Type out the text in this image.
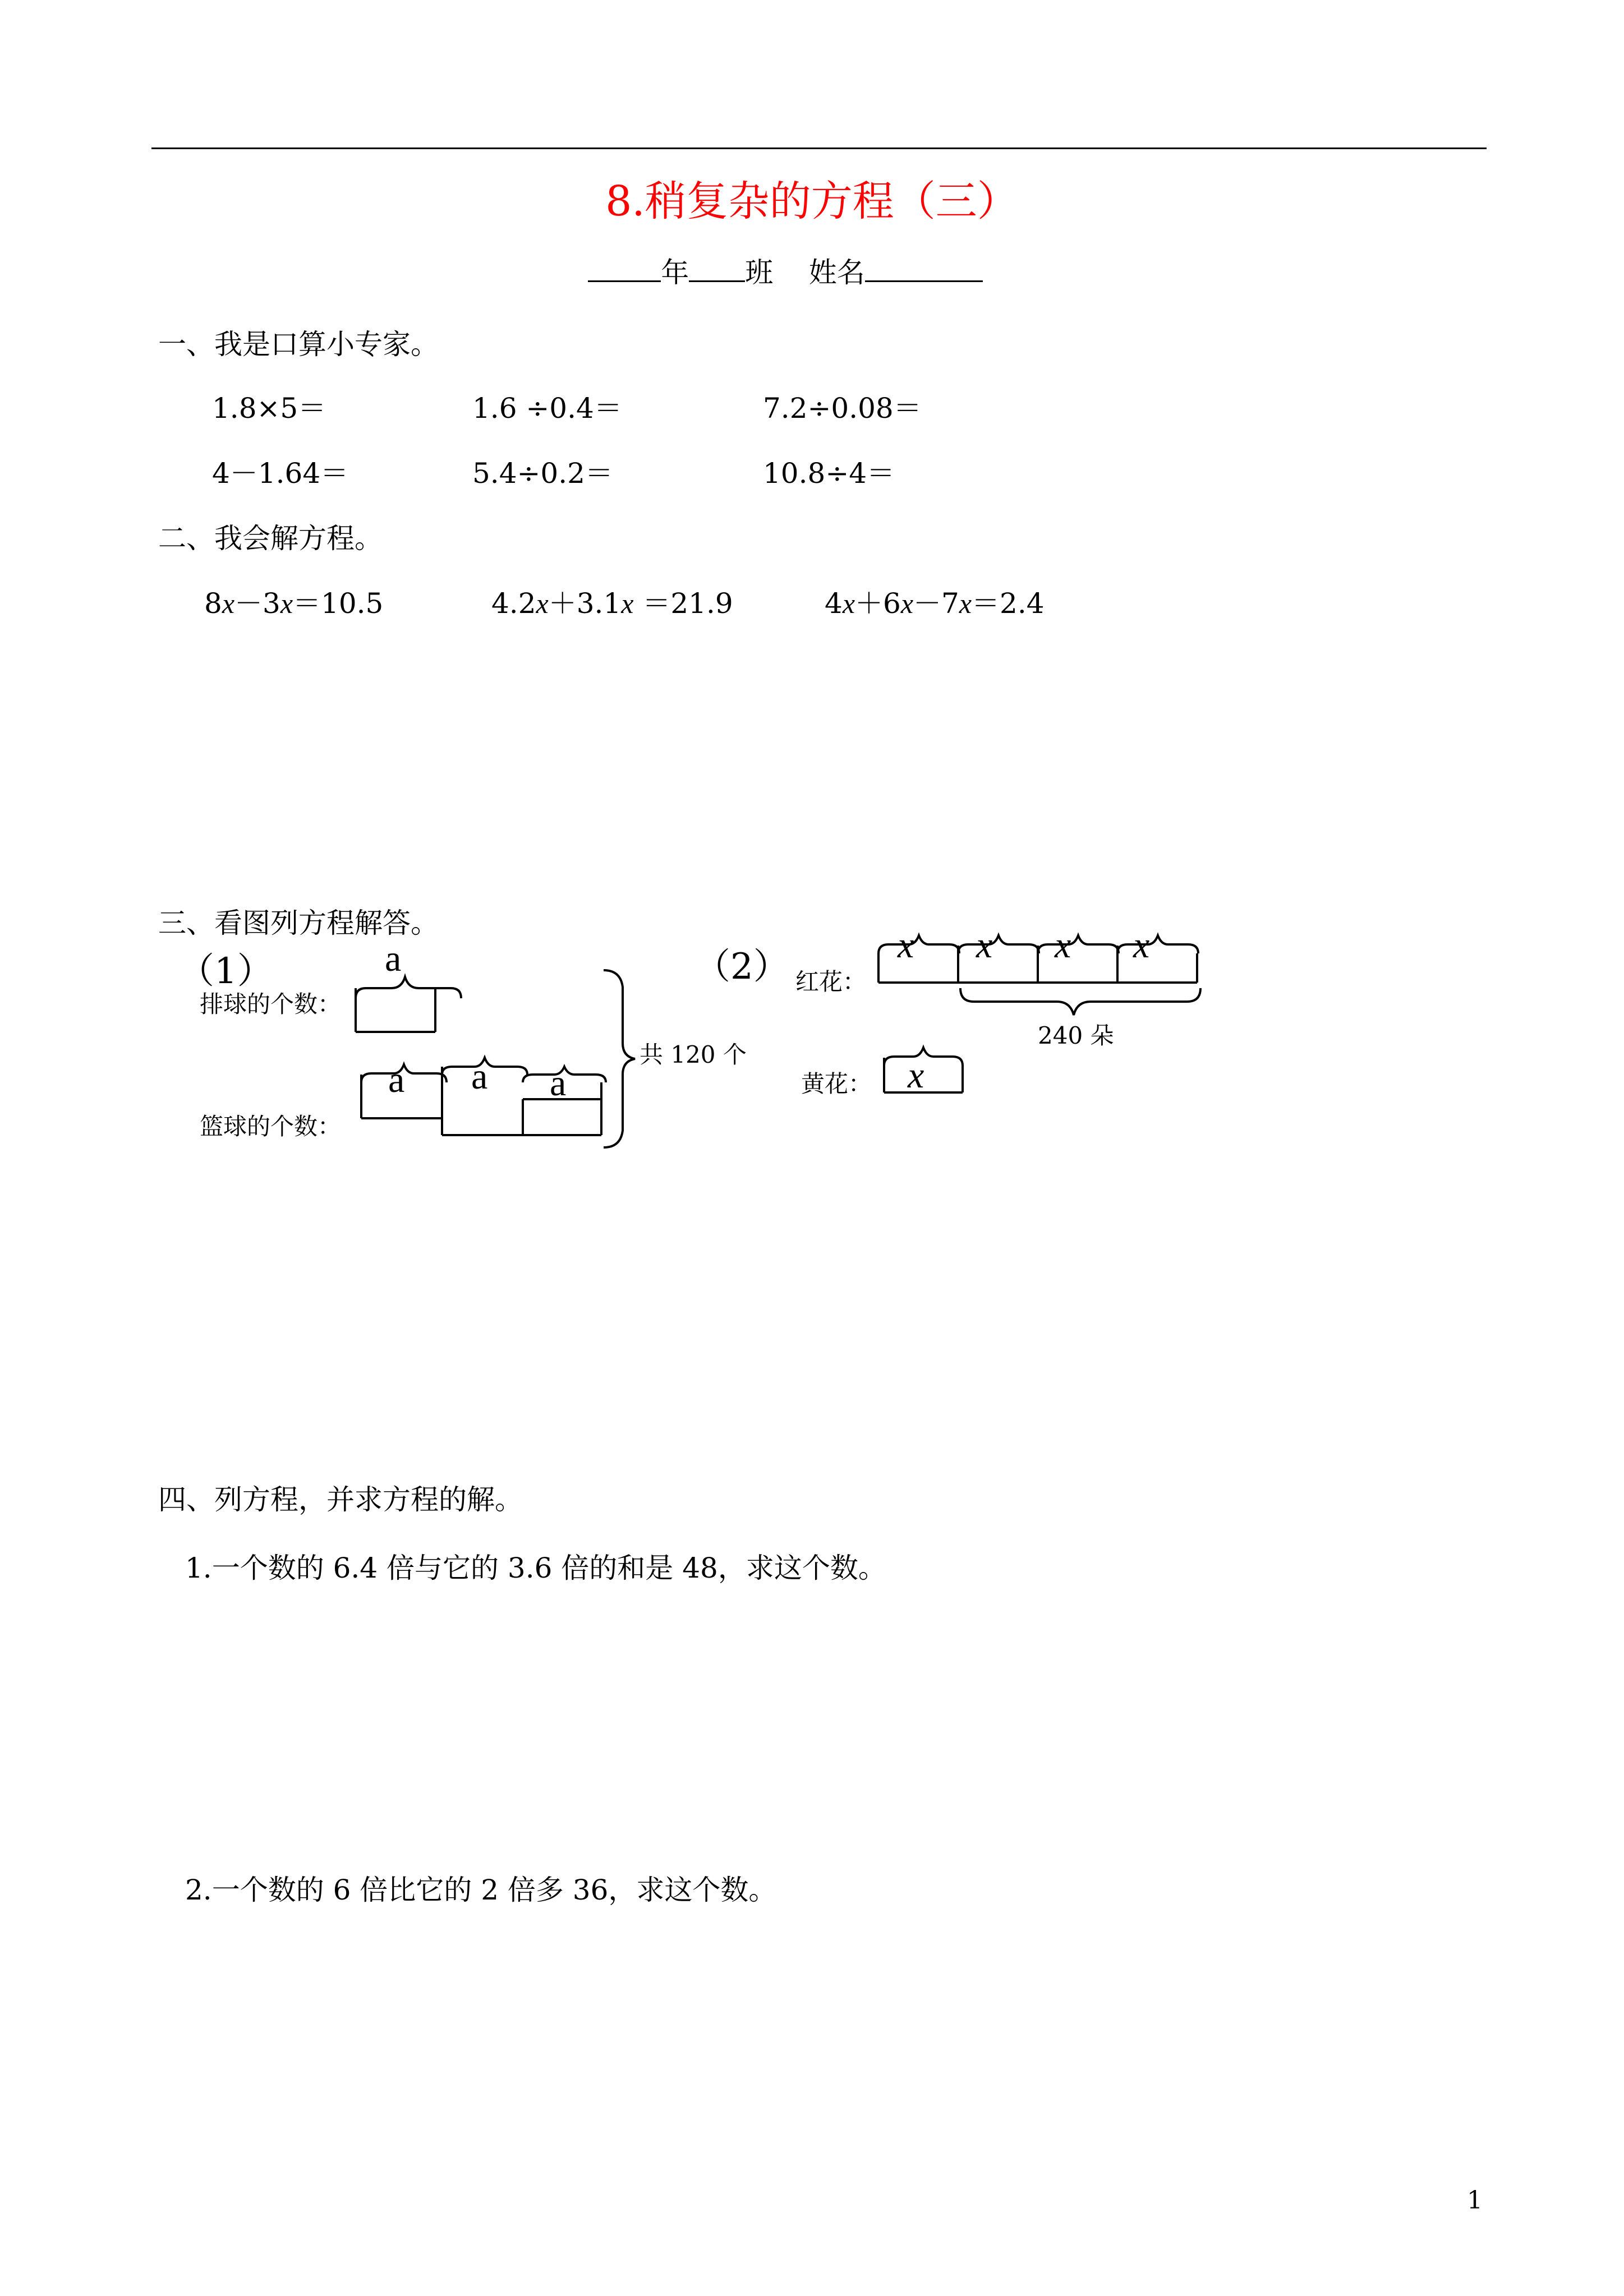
8.稍复杂的方程（三）
年 班 姓名
一、我是口算小专家。
1.8×5＝	1.6 ÷0.4＝	7.2÷0.08＝
4－1.64＝	5.4÷0.2＝	10.8÷4＝
二、我会解方程。
8x－3x＝10.5	4.2x＋3.1x ＝21.9	4x＋6x－7x＝2.4
三、看图列方程解答。
（1）
排球的个数：
篮球的个数：
a
a a a
共 120 个
（2） 红花：
黄花：
x x x x
x
240 朵
四、列方程，并求方程的解。
1.一个数的 6.4 倍与它的 3.6 倍的和是 48，求这个数。
2.一个数的 6 倍比它的 2 倍多 36，求这个数。
1
